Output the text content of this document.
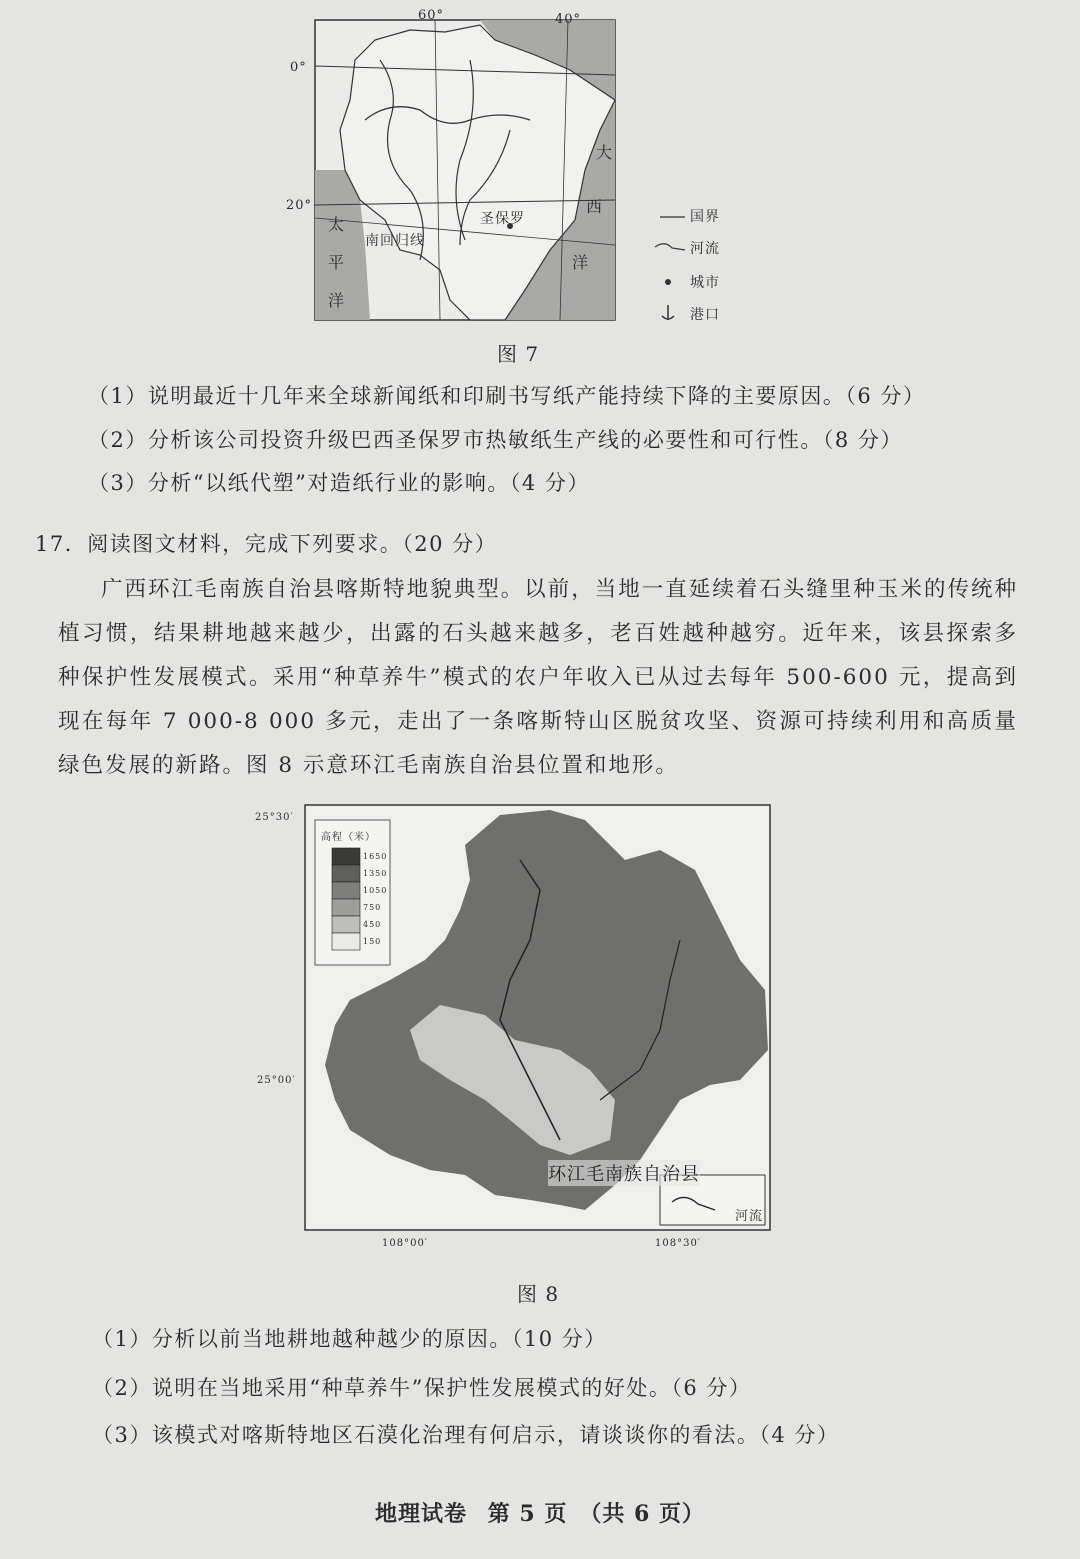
60°	40°
0°
20°
圣保罗
南回归线
太
平
洋
大
西
洋
国界
河流
城市
港口
图 7
（1）说明最近十几年来全球新闻纸和印刷书写纸产能持续下降的主要原因。（6 分）
（2）分析该公司投资升级巴西圣保罗市热敏纸生产线的必要性和可行性。（8 分）
（3）分析“以纸代塑”对造纸行业的影响。（4 分）
17．阅读图文材料，完成下列要求。（20 分）

广西环江毛南族自治县喀斯特地貌典型。以前，当地一直延续着石头缝里种玉米的传统种植习惯，结果耕地越来越少，出露的石头越来越多，老百姓越种越穷。近年来，该县探索多种保护性发展模式。采用“种草养牛”模式的农户年收入已从过去每年 500-600 元，提高到现在每年 7 000-8 000 多元，走出了一条喀斯特山区脱贫攻坚、资源可持续利用和高质量绿色发展的新路。图 8 示意环江毛南族自治县位置和地形。

25°30′
25°00′
108°00′	108°30′
高程（米）
1650
1350
1050
750
450
150
环江毛南族自治县
河流
图 8
（1）分析以前当地耕地越种越少的原因。（10 分）
（2）说明在当地采用“种草养牛”保护性发展模式的好处。（6 分）
（3）该模式对喀斯特地区石漠化治理有何启示，请谈谈你的看法。（4 分）
地理试卷 第 5 页 （共 6 页）
